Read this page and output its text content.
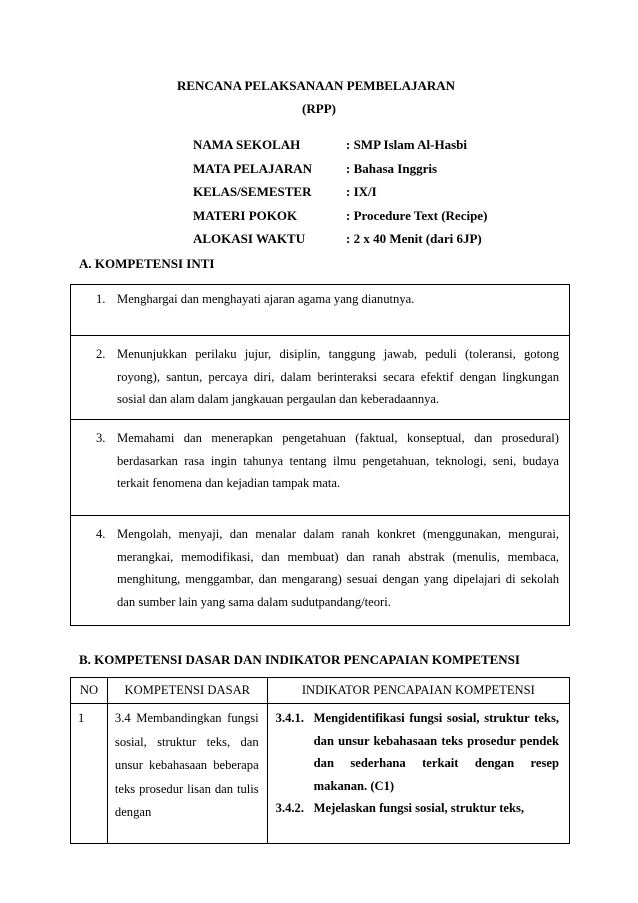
RENCANA PELAKSANAAN PEMBELAJARAN
(RPP)
NAMA SEKOLAH	: SMP Islam Al-Hasbi
MATA PELAJARAN	: Bahasa Inggris
KELAS/SEMESTER	: IX/I
MATERI POKOK	: Procedure Text (Recipe)
ALOKASI WAKTU	: 2 x 40 Menit (dari 6JP)
A. KOMPETENSI INTI
1. Menghargai dan menghayati ajaran agama yang dianutnya.
2. Menunjukkan perilaku jujur, disiplin, tanggung jawab, peduli (toleransi, gotong royong), santun, percaya diri, dalam berinteraksi secara efektif dengan lingkungan sosial dan alam dalam jangkauan pergaulan dan keberadaannya.
3. Memahami dan menerapkan pengetahuan (faktual, konseptual, dan prosedural) berdasarkan rasa ingin tahunya tentang ilmu pengetahuan, teknologi, seni, budaya terkait fenomena dan kejadian tampak mata.
4. Mengolah, menyaji, dan menalar dalam ranah konkret (menggunakan, mengurai, merangkai, memodifikasi, dan membuat) dan ranah abstrak (menulis, membaca, menghitung, menggambar, dan mengarang) sesuai dengan yang dipelajari di sekolah dan sumber lain yang sama dalam sudutpandang/teori.
B. KOMPETENSI DASAR DAN INDIKATOR PENCAPAIAN KOMPETENSI
NO	KOMPETENSI DASAR	INDIKATOR PENCAPAIAN KOMPETENSI

1	3.4 Membandingkan fungsi sosial, struktur teks, dan unsur kebahasaan beberapa teks prosedur lisan dan tulis dengan	3.4.1. Mengidentifikasi fungsi sosial, struktur teks, dan unsur kebahasaan teks prosedur pendek dan sederhana terkait dengan resep makanan. (C1)
3.4.2. Mejelaskan fungsi sosial, struktur teks,
